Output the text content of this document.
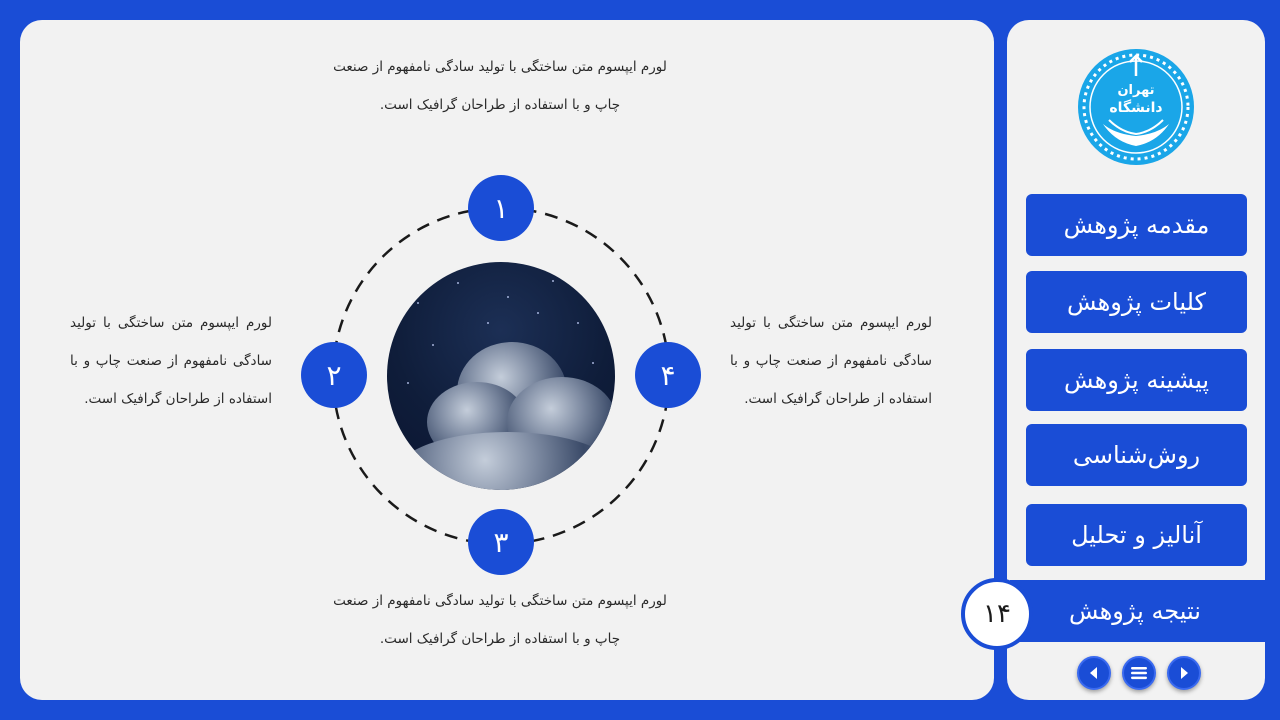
لورم ایپسوم متن ساختگی با تولید سادگی نامفهوم از صنعت چاپ و با استفاده از طراحان گرافیک است.
لورم ایپسوم متن ساختگی با تولید سادگی نامفهوم از صنعت چاپ و با استفاده از طراحان گرافیک است.
لورم ایپسوم متن ساختگی با تولید سادگی نامفهوم از صنعت چاپ و با استفاده از طراحان گرافیک است.
لورم ایپسوم متن ساختگی با تولید سادگی نامفهوم از صنعت چاپ و با استفاده از طراحان گرافیک است.
۱
۲
۳
۴
تهران
دانشگاه
مقدمه پژوهش
کلیات پژوهش
پیشینه پژوهش
روش‌شناسی
آنالیز و تحلیل
نتیجه پژوهش
۱۴
